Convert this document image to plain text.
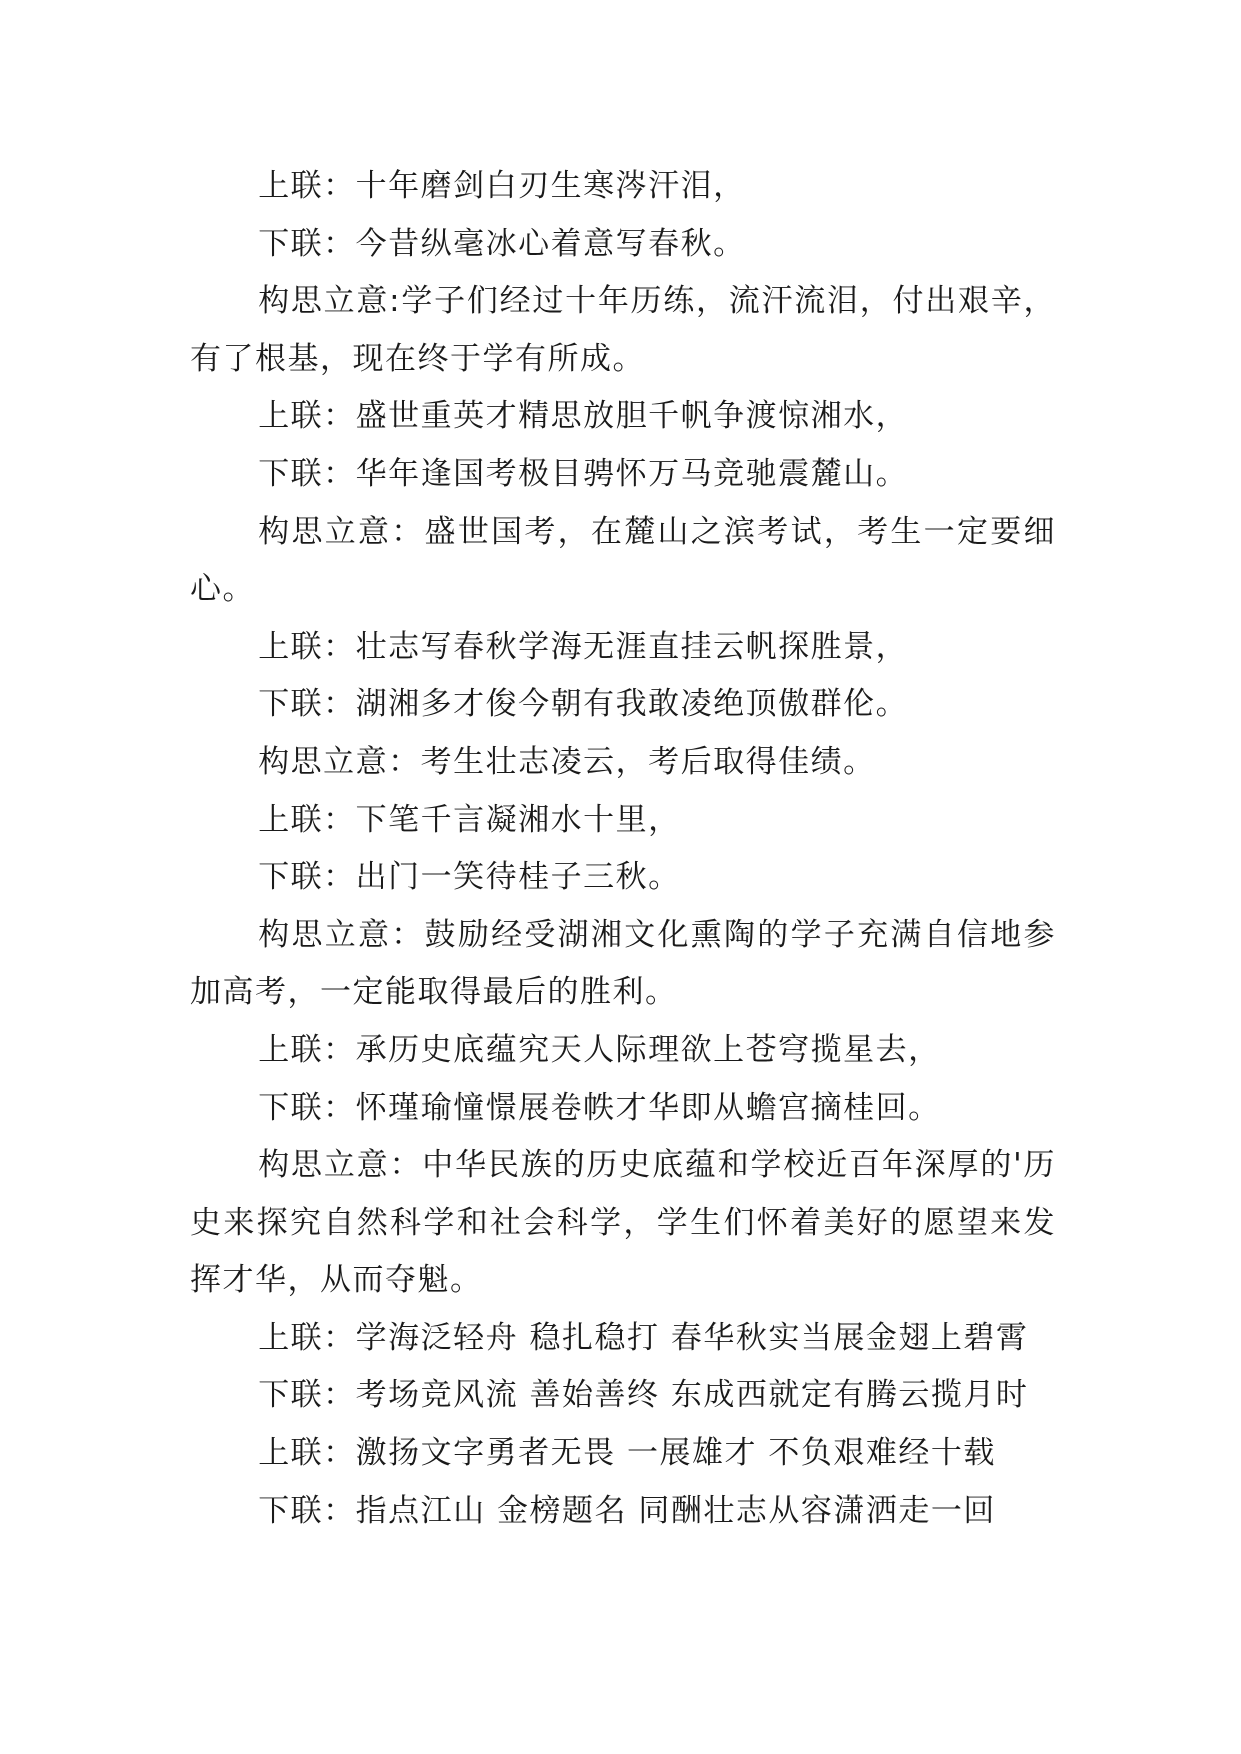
上联：十年磨剑白刃生寒涔汗泪，

下联：今昔纵毫冰心着意写春秋。

构思立意:学子们经过十年历练，流汗流泪，付出艰辛，有了根基，现在终于学有所成。

上联：盛世重英才精思放胆千帆争渡惊湘水，

下联：华年逢国考极目骋怀万马竞驰震麓山。

构思立意：盛世国考，在麓山之滨考试，考生一定要细心。

上联：壮志写春秋学海无涯直挂云帆探胜景，

下联：湖湘多才俊今朝有我敢凌绝顶傲群伦。

构思立意：考生壮志凌云，考后取得佳绩。

上联：下笔千言凝湘水十里，

下联：出门一笑待桂子三秋。

构思立意：鼓励经受湖湘文化熏陶的学子充满自信地参加高考，一定能取得最后的胜利。

上联：承历史底蕴究天人际理欲上苍穹揽星去，

下联：怀瑾瑜憧憬展卷帙才华即从蟾宫摘桂回。

构思立意：中华民族的历史底蕴和学校近百年深厚的'历史来探究自然科学和社会科学，学生们怀着美好的愿望来发挥才华，从而夺魁。

上联：学海泛轻舟 稳扎稳打 春华秋实当展金翅上碧霄

下联：考场竞风流 善始善终 东成西就定有腾云揽月时

上联：激扬文字勇者无畏 一展雄才 不负艰难经十载

下联：指点江山 金榜题名 同酬壮志从容潇洒走一回
